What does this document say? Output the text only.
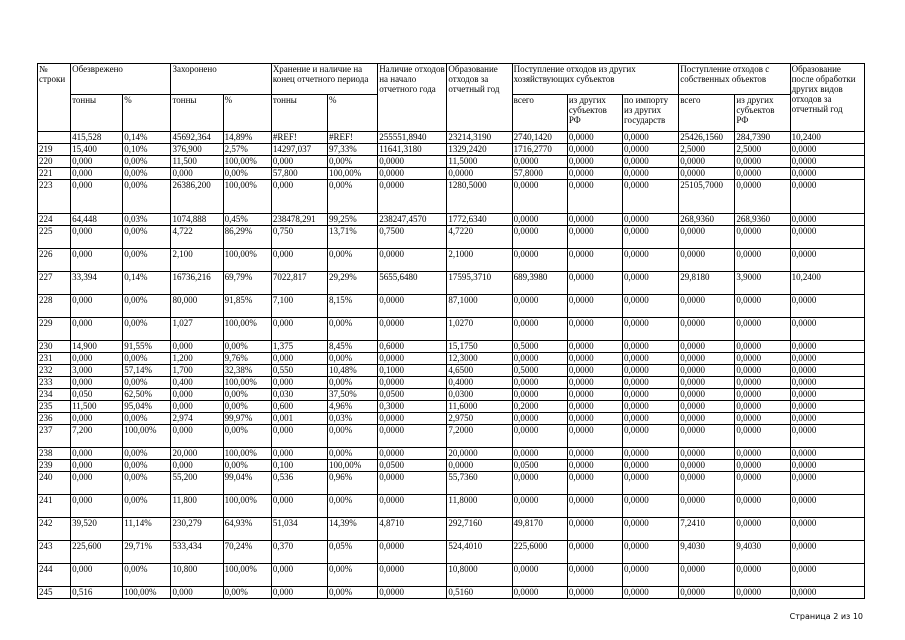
№ строки	Обезврежено		Захоронено		Хранение и наличие на конец отчетного периода		Наличие отходов на начало отчетного года	Образование отходов за отчетный год	Поступление отходов из других хозяйствующих субъектов			Поступление отходов с собственных объектов		Образование после обработки других видов отходов за отчетный год
	тонны	%	тонны	%	тонны	%			всего	из других субъектов РФ	по импорту из других государств	всего	из других субъектов РФ	
	415,528	0,14%	45692,364	14,89%	#REF!	#REF!	255551,8940	23214,3190	2740,1420	0,0000	0,0000	25426,1560	284,7390	10,2400
219	15,400	0,10%	376,900	2,57%	14297,037	97,33%	11641,3180	1329,2420	1716,2770	0,0000	0,0000	2,5000	2,5000	0,0000
220	0,000	0,00%	11,500	100,00%	0,000	0,00%	0,0000	11,5000	0,0000	0,0000	0,0000	0,0000	0,0000	0,0000
221	0,000	0,00%	0,000	0,00%	57,800	100,00%	0,0000	0,0000	57,8000	0,0000	0,0000	0,0000	0,0000	0,0000
223	0,000	0,00%	26386,200	100,00%	0,000	0,00%	0,0000	1280,5000	0,0000	0,0000	0,0000	25105,7000	0,0000	0,0000
224	64,448	0,03%	1074,888	0,45%	238478,291	99,25%	238247,4570	1772,6340	0,0000	0,0000	0,0000	268,9360	268,9360	0,0000
225	0,000	0,00%	4,722	86,29%	0,750	13,71%	0,7500	4,7220	0,0000	0,0000	0,0000	0,0000	0,0000	0,0000
226	0,000	0,00%	2,100	100,00%	0,000	0,00%	0,0000	2,1000	0,0000	0,0000	0,0000	0,0000	0,0000	0,0000
227	33,394	0,14%	16736,216	69,79%	7022,817	29,29%	5655,6480	17595,3710	689,3980	0,0000	0,0000	29,8180	3,9000	10,2400
228	0,000	0,00%	80,000	91,85%	7,100	8,15%	0,0000	87,1000	0,0000	0,0000	0,0000	0,0000	0,0000	0,0000
229	0,000	0,00%	1,027	100,00%	0,000	0,00%	0,0000	1,0270	0,0000	0,0000	0,0000	0,0000	0,0000	0,0000
230	14,900	91,55%	0,000	0,00%	1,375	8,45%	0,6000	15,1750	0,5000	0,0000	0,0000	0,0000	0,0000	0,0000
231	0,000	0,00%	1,200	9,76%	0,000	0,00%	0,0000	12,3000	0,0000	0,0000	0,0000	0,0000	0,0000	0,0000
232	3,000	57,14%	1,700	32,38%	0,550	10,48%	0,1000	4,6500	0,5000	0,0000	0,0000	0,0000	0,0000	0,0000
233	0,000	0,00%	0,400	100,00%	0,000	0,00%	0,0000	0,4000	0,0000	0,0000	0,0000	0,0000	0,0000	0,0000
234	0,050	62,50%	0,000	0,00%	0,030	37,50%	0,0500	0,0300	0,0000	0,0000	0,0000	0,0000	0,0000	0,0000
235	11,500	95,04%	0,000	0,00%	0,600	4,96%	0,3000	11,6000	0,2000	0,0000	0,0000	0,0000	0,0000	0,0000
236	0,000	0,00%	2,974	99,97%	0,001	0,03%	0,0000	2,9750	0,0000	0,0000	0,0000	0,0000	0,0000	0,0000
237	7,200	100,00%	0,000	0,00%	0,000	0,00%	0,0000	7,2000	0,0000	0,0000	0,0000	0,0000	0,0000	0,0000
238	0,000	0,00%	20,000	100,00%	0,000	0,00%	0,0000	20,0000	0,0000	0,0000	0,0000	0,0000	0,0000	0,0000
239	0,000	0,00%	0,000	0,00%	0,100	100,00%	0,0500	0,0000	0,0500	0,0000	0,0000	0,0000	0,0000	0,0000
240	0,000	0,00%	55,200	99,04%	0,536	0,96%	0,0000	55,7360	0,0000	0,0000	0,0000	0,0000	0,0000	0,0000
241	0,000	0,00%	11,800	100,00%	0,000	0,00%	0,0000	11,8000	0,0000	0,0000	0,0000	0,0000	0,0000	0,0000
242	39,520	11,14%	230,279	64,93%	51,034	14,39%	4,8710	292,7160	49,8170	0,0000	0,0000	7,2410	0,0000	0,0000
243	225,600	29,71%	533,434	70,24%	0,370	0,05%	0,0000	524,4010	225,6000	0,0000	0,0000	9,4030	9,4030	0,0000
244	0,000	0,00%	10,800	100,00%	0,000	0,00%	0,0000	10,8000	0,0000	0,0000	0,0000	0,0000	0,0000	0,0000
245	0,516	100,00%	0,000	0,00%	0,000	0,00%	0,0000	0,5160	0,0000	0,0000	0,0000	0,0000	0,0000	0,0000
Страница 2 из 10
